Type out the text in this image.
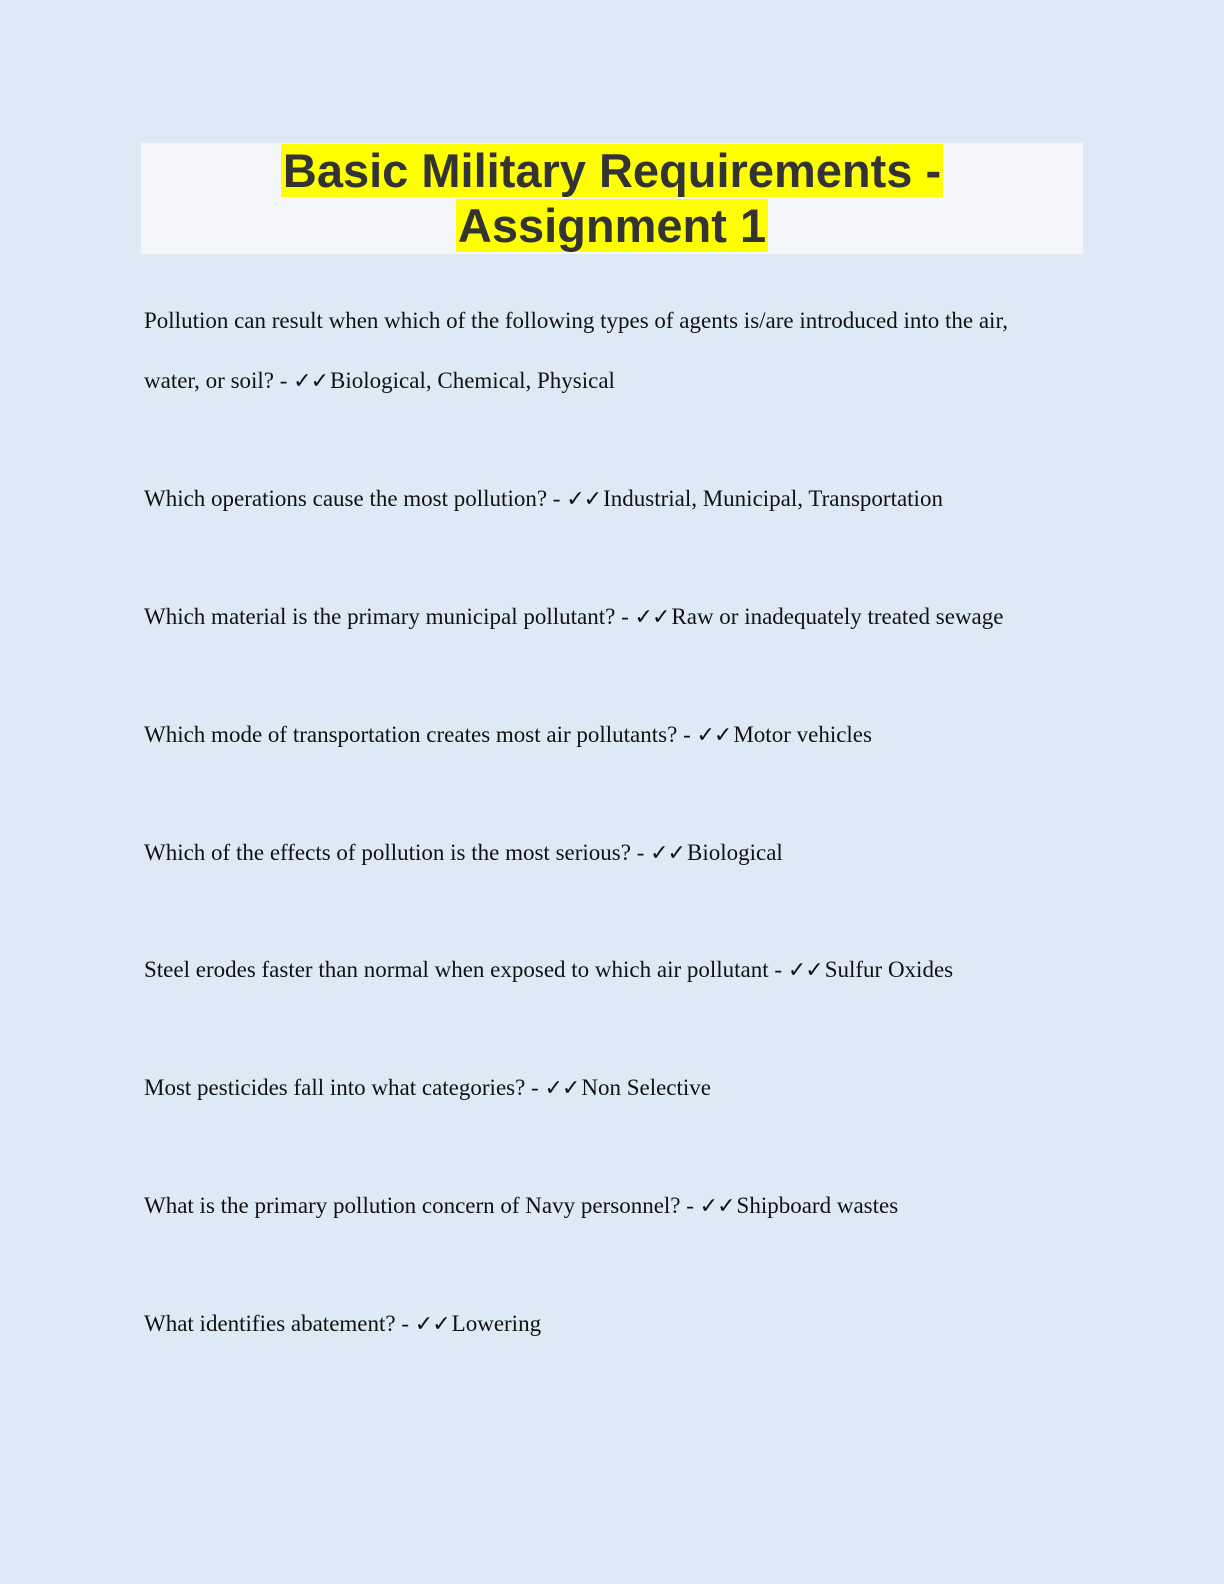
Basic Military Requirements -
Assignment 1
Pollution can result when which of the following types of agents is/are introduced into the air, water, or soil? - ✓✓Biological, Chemical, Physical
Which operations cause the most pollution? - ✓✓Industrial, Municipal, Transportation
Which material is the primary municipal pollutant? - ✓✓Raw or inadequately treated sewage
Which mode of transportation creates most air pollutants? - ✓✓Motor vehicles
Which of the effects of pollution is the most serious? - ✓✓Biological
Steel erodes faster than normal when exposed to which air pollutant - ✓✓Sulfur Oxides
Most pesticides fall into what categories? - ✓✓Non Selective
What is the primary pollution concern of Navy personnel? - ✓✓Shipboard wastes
What identifies abatement? - ✓✓Lowering
